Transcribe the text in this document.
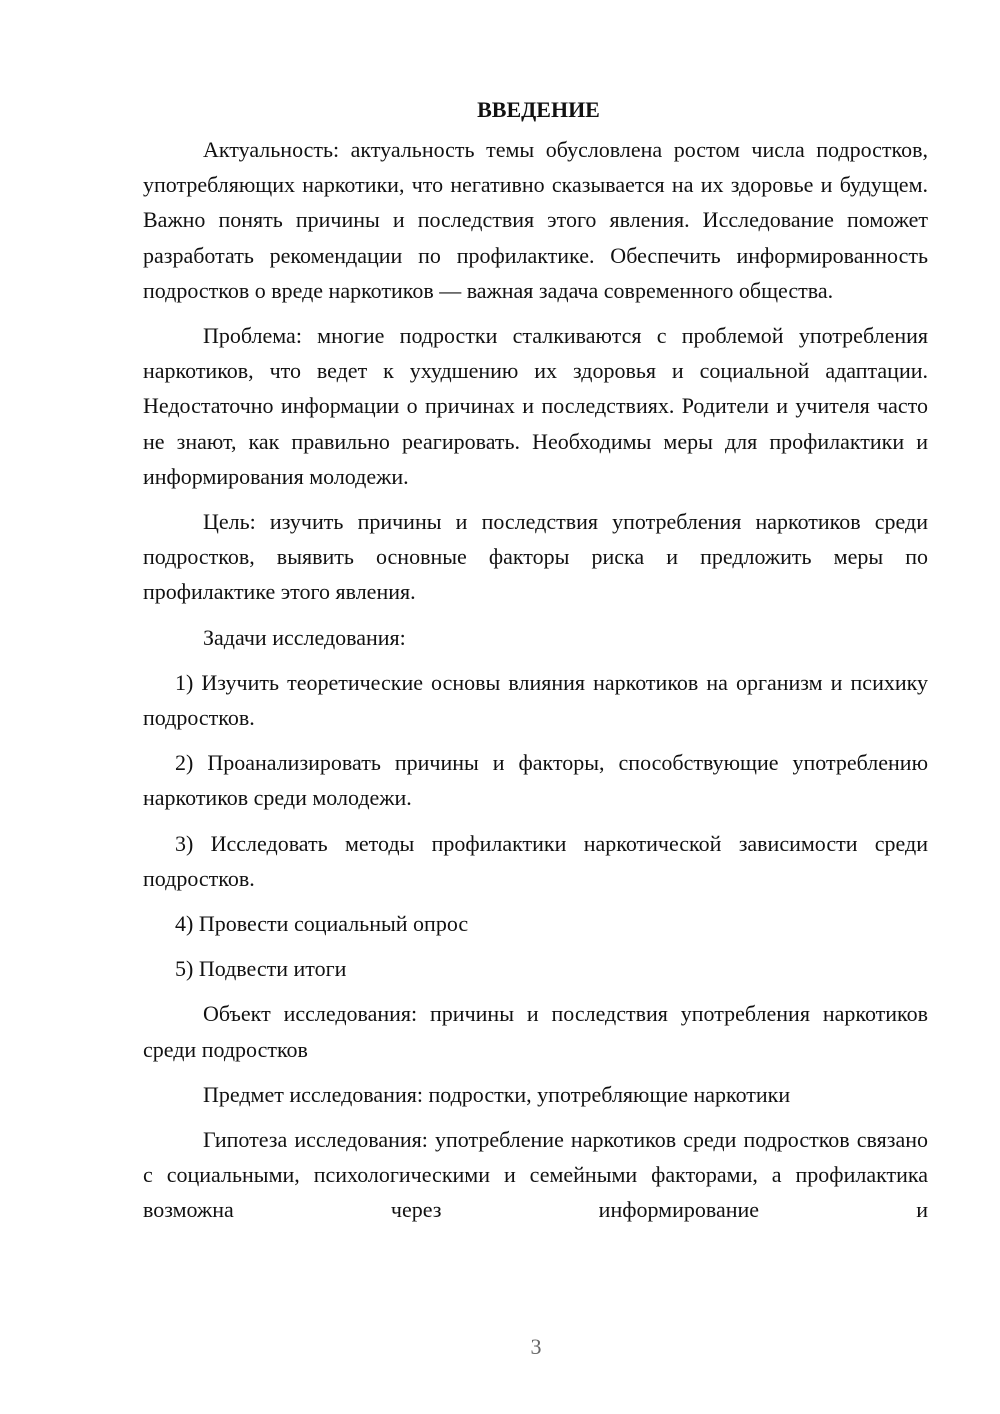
ВВЕДЕНИЕ

Актуальность: актуальность темы обусловлена ростом числа подростков, употребляющих наркотики, что негативно сказывается на их здоровье и будущем. Важно понять причины и последствия этого явления. Исследование поможет разработать рекомендации по профилактике. Обеспечить информированность подростков о вреде наркотиков — важная задача современного общества.

Проблема: многие подростки сталкиваются с проблемой употребления наркотиков, что ведет к ухудшению их здоровья и социальной адаптации. Недостаточно информации о причинах и последствиях. Родители и учителя часто не знают, как правильно реагировать. Необходимы меры для профилактики и информирования молодежи.

Цель: изучить причины и последствия употребления наркотиков среди подростков, выявить основные факторы риска и предложить меры по профилактике этого явления.

Задачи исследования:

1) Изучить теоретические основы влияния наркотиков на организм и психику подростков.

2) Проанализировать причины и факторы, способствующие употреблению наркотиков среди молодежи.

3) Исследовать методы профилактики наркотической зависимости среди подростков.

4) Провести социальный опрос

5) Подвести итоги

Объект исследования: причины и последствия употребления наркотиков среди подростков

Предмет исследования: подростки, употребляющие наркотики

Гипотеза исследования: употребление наркотиков среди подростков связано с социальными, психологическими и семейными факторами, а профилактика возможна через информирование и

3
